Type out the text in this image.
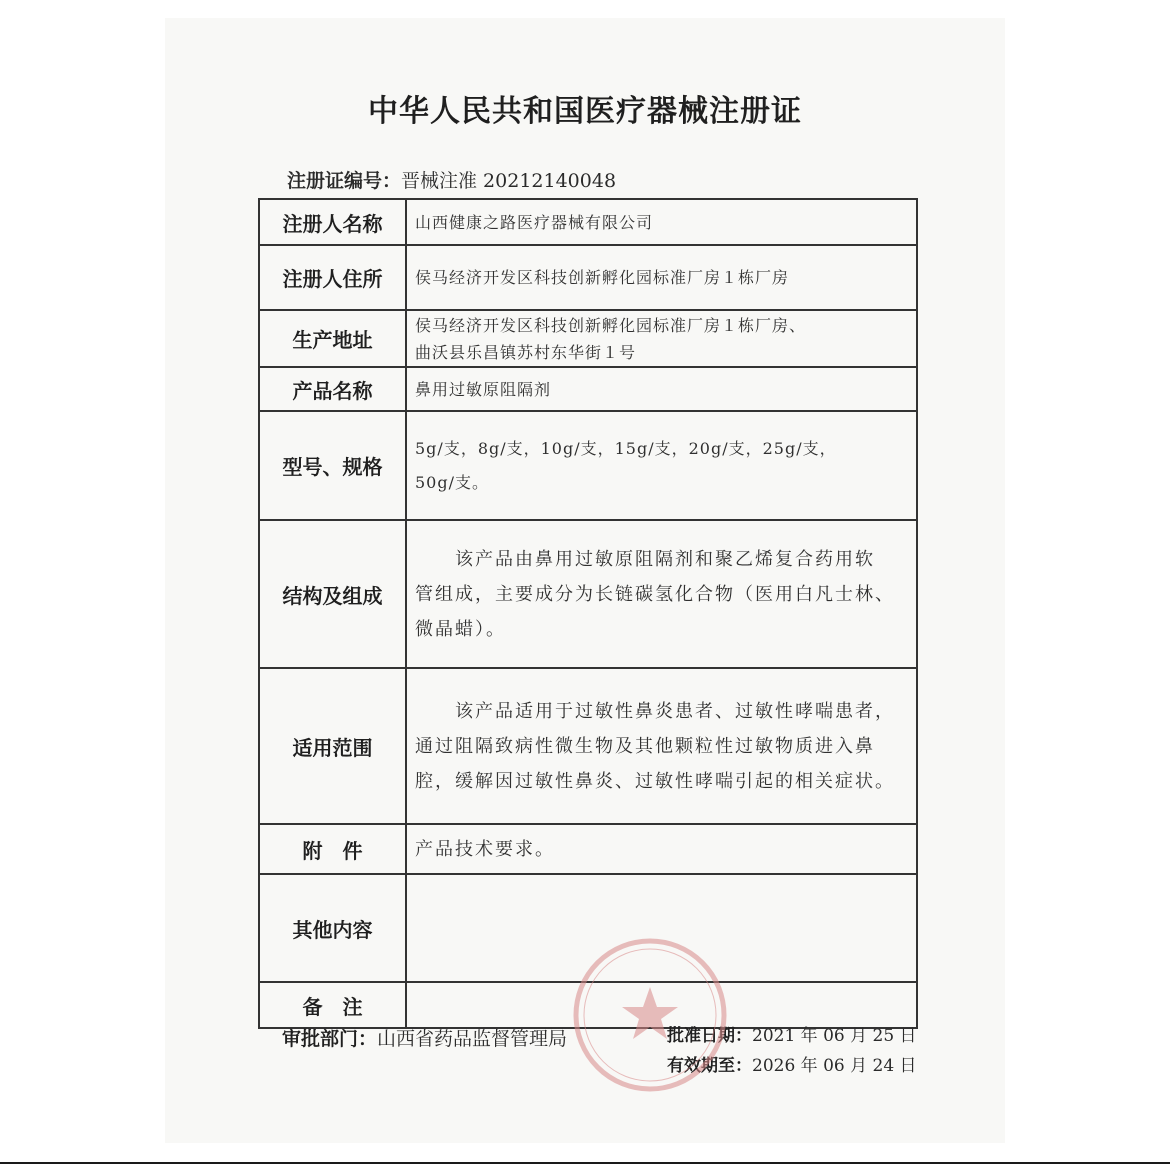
中华人民共和国医疗器械注册证
注册证编号：晋械注准 20212140048
注册人名称	山西健康之路医疗器械有限公司
注册人住所	侯马经济开发区科技创新孵化园标准厂房１栋厂房
生产地址	侯马经济开发区科技创新孵化园标准厂房１栋厂房、
曲沃县乐昌镇苏村东华街１号

产品名称	鼻用过敏原阻隔剂
型号、规格	5g/支，8g/支，10g/支，15g/支，20g/支，25g/支，
50g/支。

结构及组成	该产品由鼻用过敏原阻隔剂和聚乙烯复合药用软
管组成，主要成分为长链碳氢化合物（医用白凡士林、
微晶蜡）。

适用范围	该产品适用于过敏性鼻炎患者、过敏性哮喘患者，
通过阻隔致病性微生物及其他颗粒性过敏物质进入鼻
腔，缓解因过敏性鼻炎、过敏性哮喘引起的相关症状。

附　件	产品技术要求。
其他内容	
备　注	
审批部门：山西省药品监督管理局	批准日期：2021 年 06 月 25 日
有效期至：2026 年 06 月 24 日
